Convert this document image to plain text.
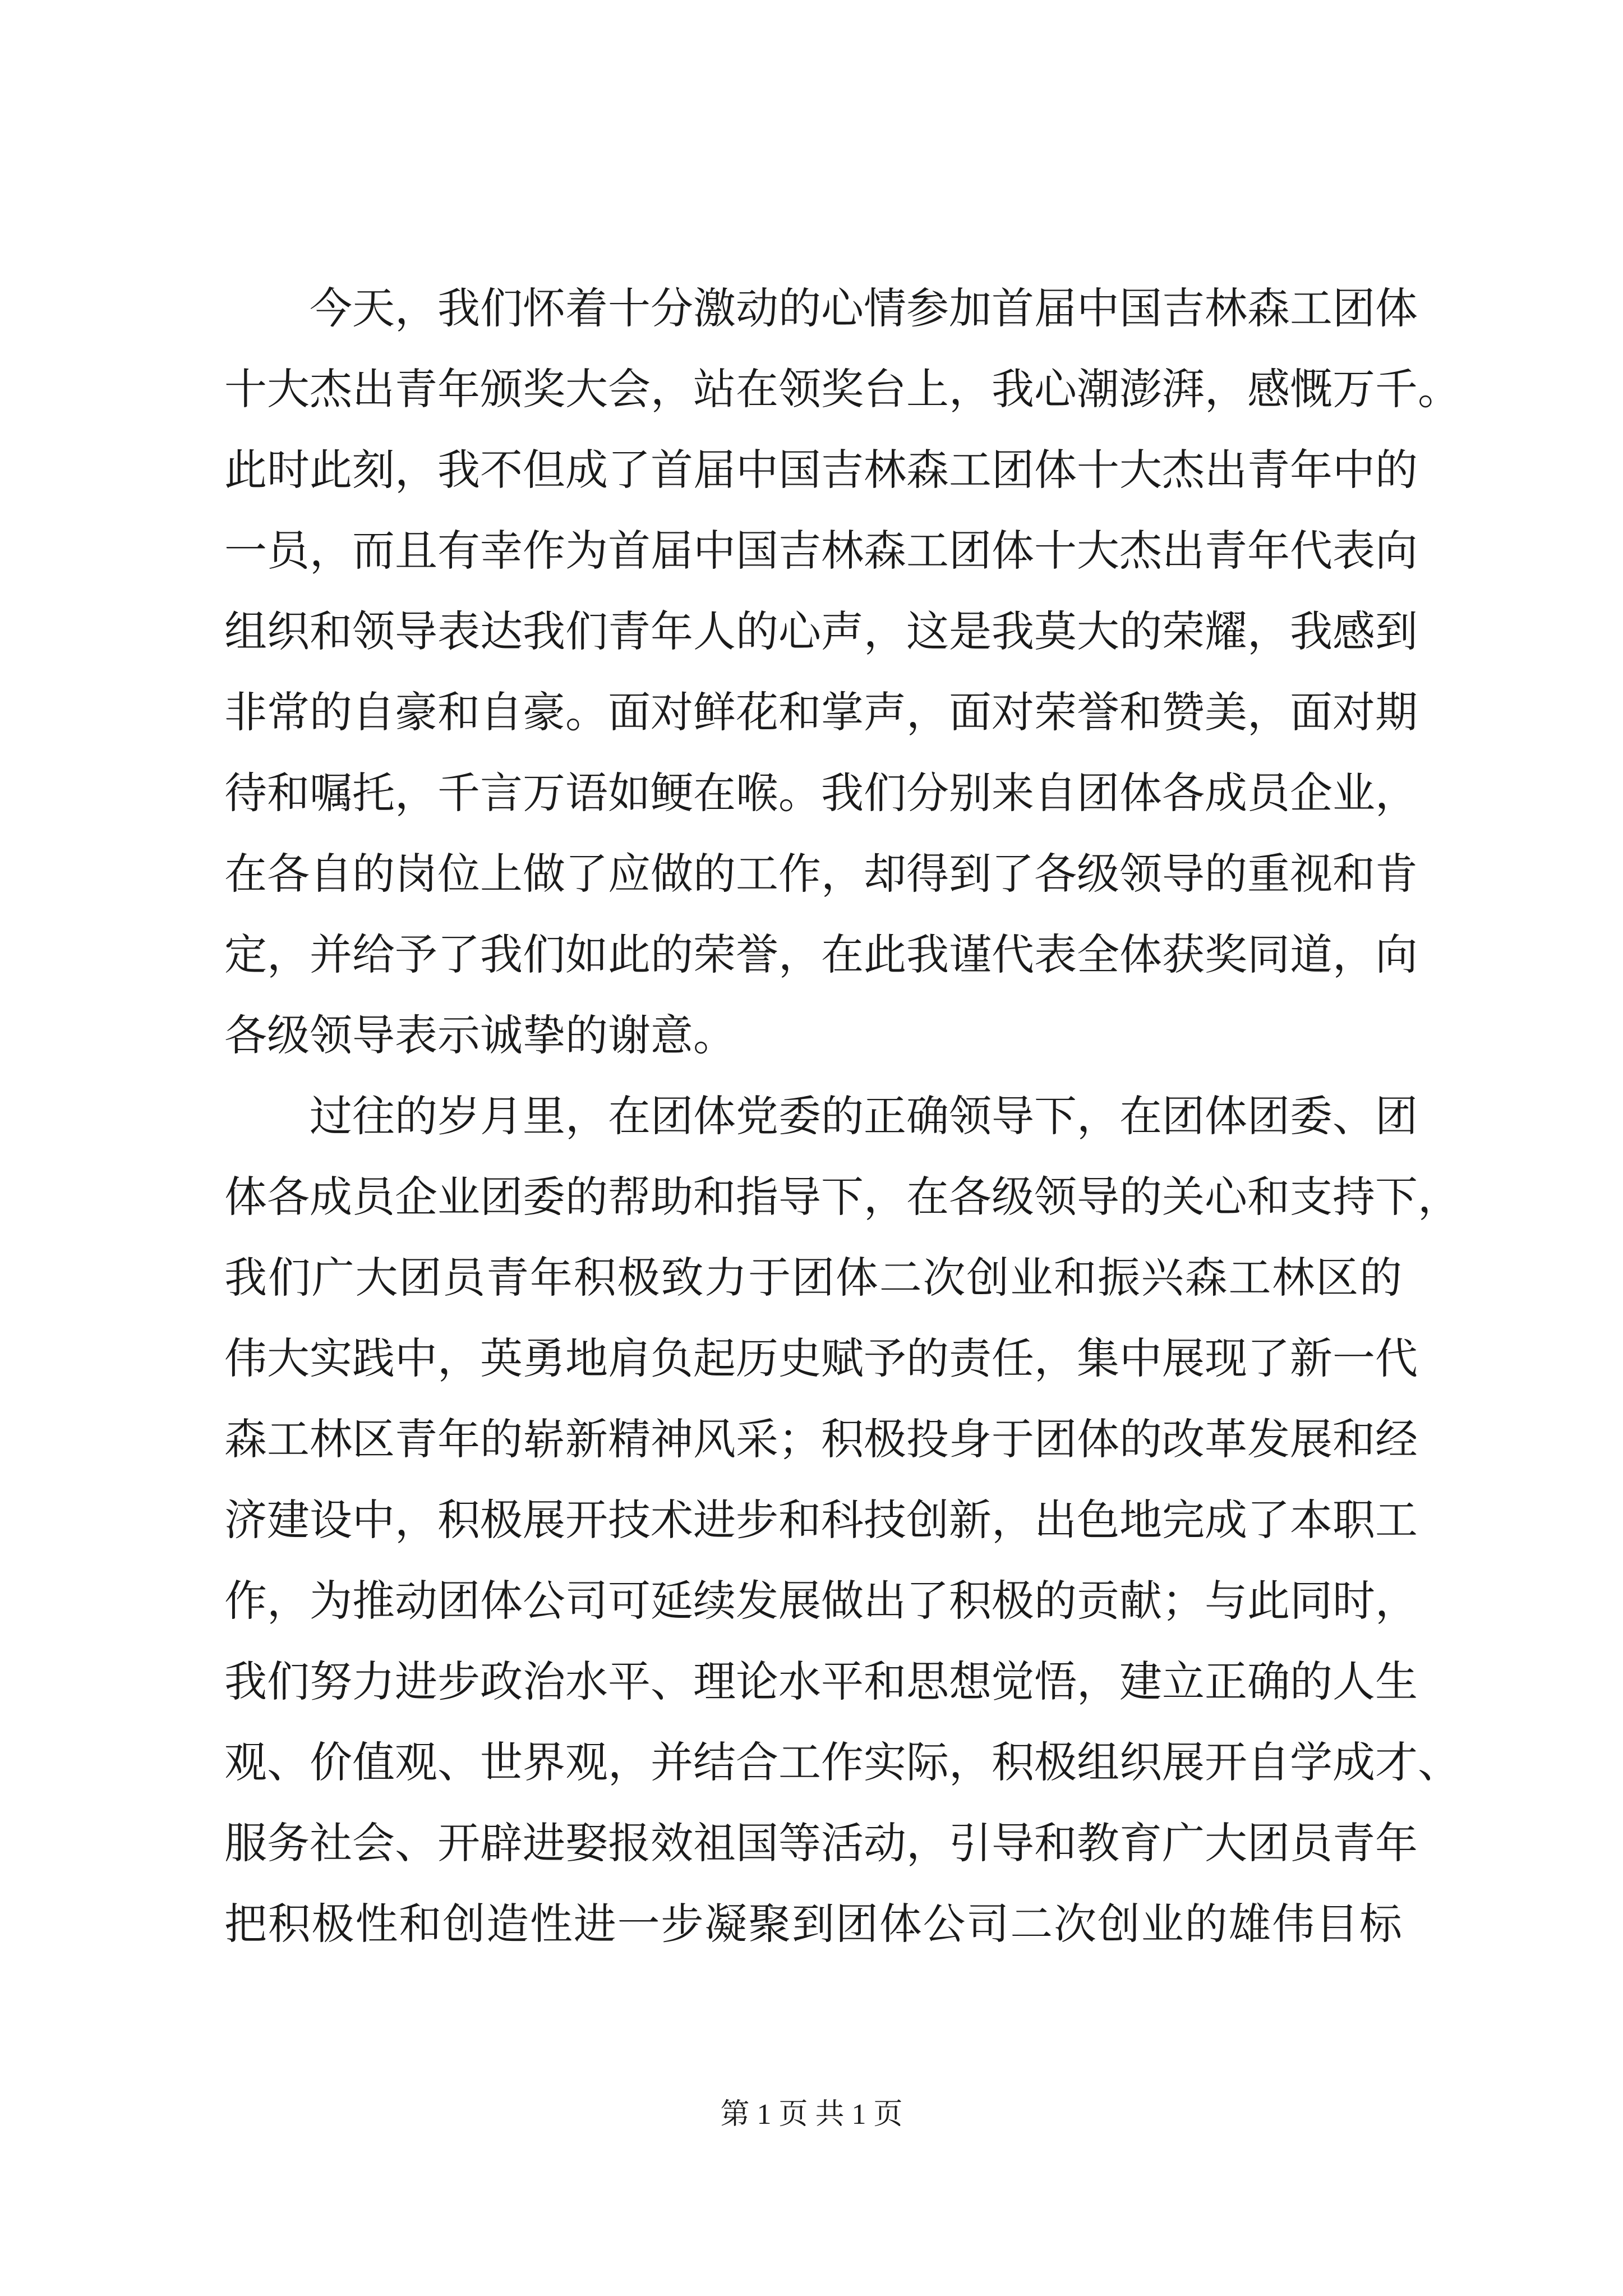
今天，我们怀着十分激动的心情参加首届中国吉林森工团体
十大杰出青年颁奖大会，站在领奖台上，我心潮澎湃，感慨万千。
此时此刻，我不但成了首届中国吉林森工团体十大杰出青年中的
一员，而且有幸作为首届中国吉林森工团体十大杰出青年代表向
组织和领导表达我们青年人的心声，这是我莫大的荣耀，我感到
非常的自豪和自豪。面对鲜花和掌声，面对荣誉和赞美，面对期
待和嘱托，千言万语如鲠在喉。我们分别来自团体各成员企业，
在各自的岗位上做了应做的工作，却得到了各级领导的重视和肯
定，并给予了我们如此的荣誉，在此我谨代表全体获奖同道，向
各级领导表示诚挚的谢意。
过往的岁月里，在团体党委的正确领导下，在团体团委、团
体各成员企业团委的帮助和指导下，在各级领导的关心和支持下，
我们广大团员青年积极致力于团体二次创业和振兴森工林区的
伟大实践中，英勇地肩负起历史赋予的责任，集中展现了新一代
森工林区青年的崭新精神风采；积极投身于团体的改革发展和经
济建设中，积极展开技术进步和科技创新，出色地完成了本职工
作，为推动团体公司可延续发展做出了积极的贡献；与此同时，
我们努力进步政治水平、理论水平和思想觉悟，建立正确的人生
观、价值观、世界观，并结合工作实际，积极组织展开自学成才、
服务社会、开辟进娶报效祖国等活动，引导和教育广大团员青年
把积极性和创造性进一步凝聚到团体公司二次创业的雄伟目标
第 1 页 共 1 页
